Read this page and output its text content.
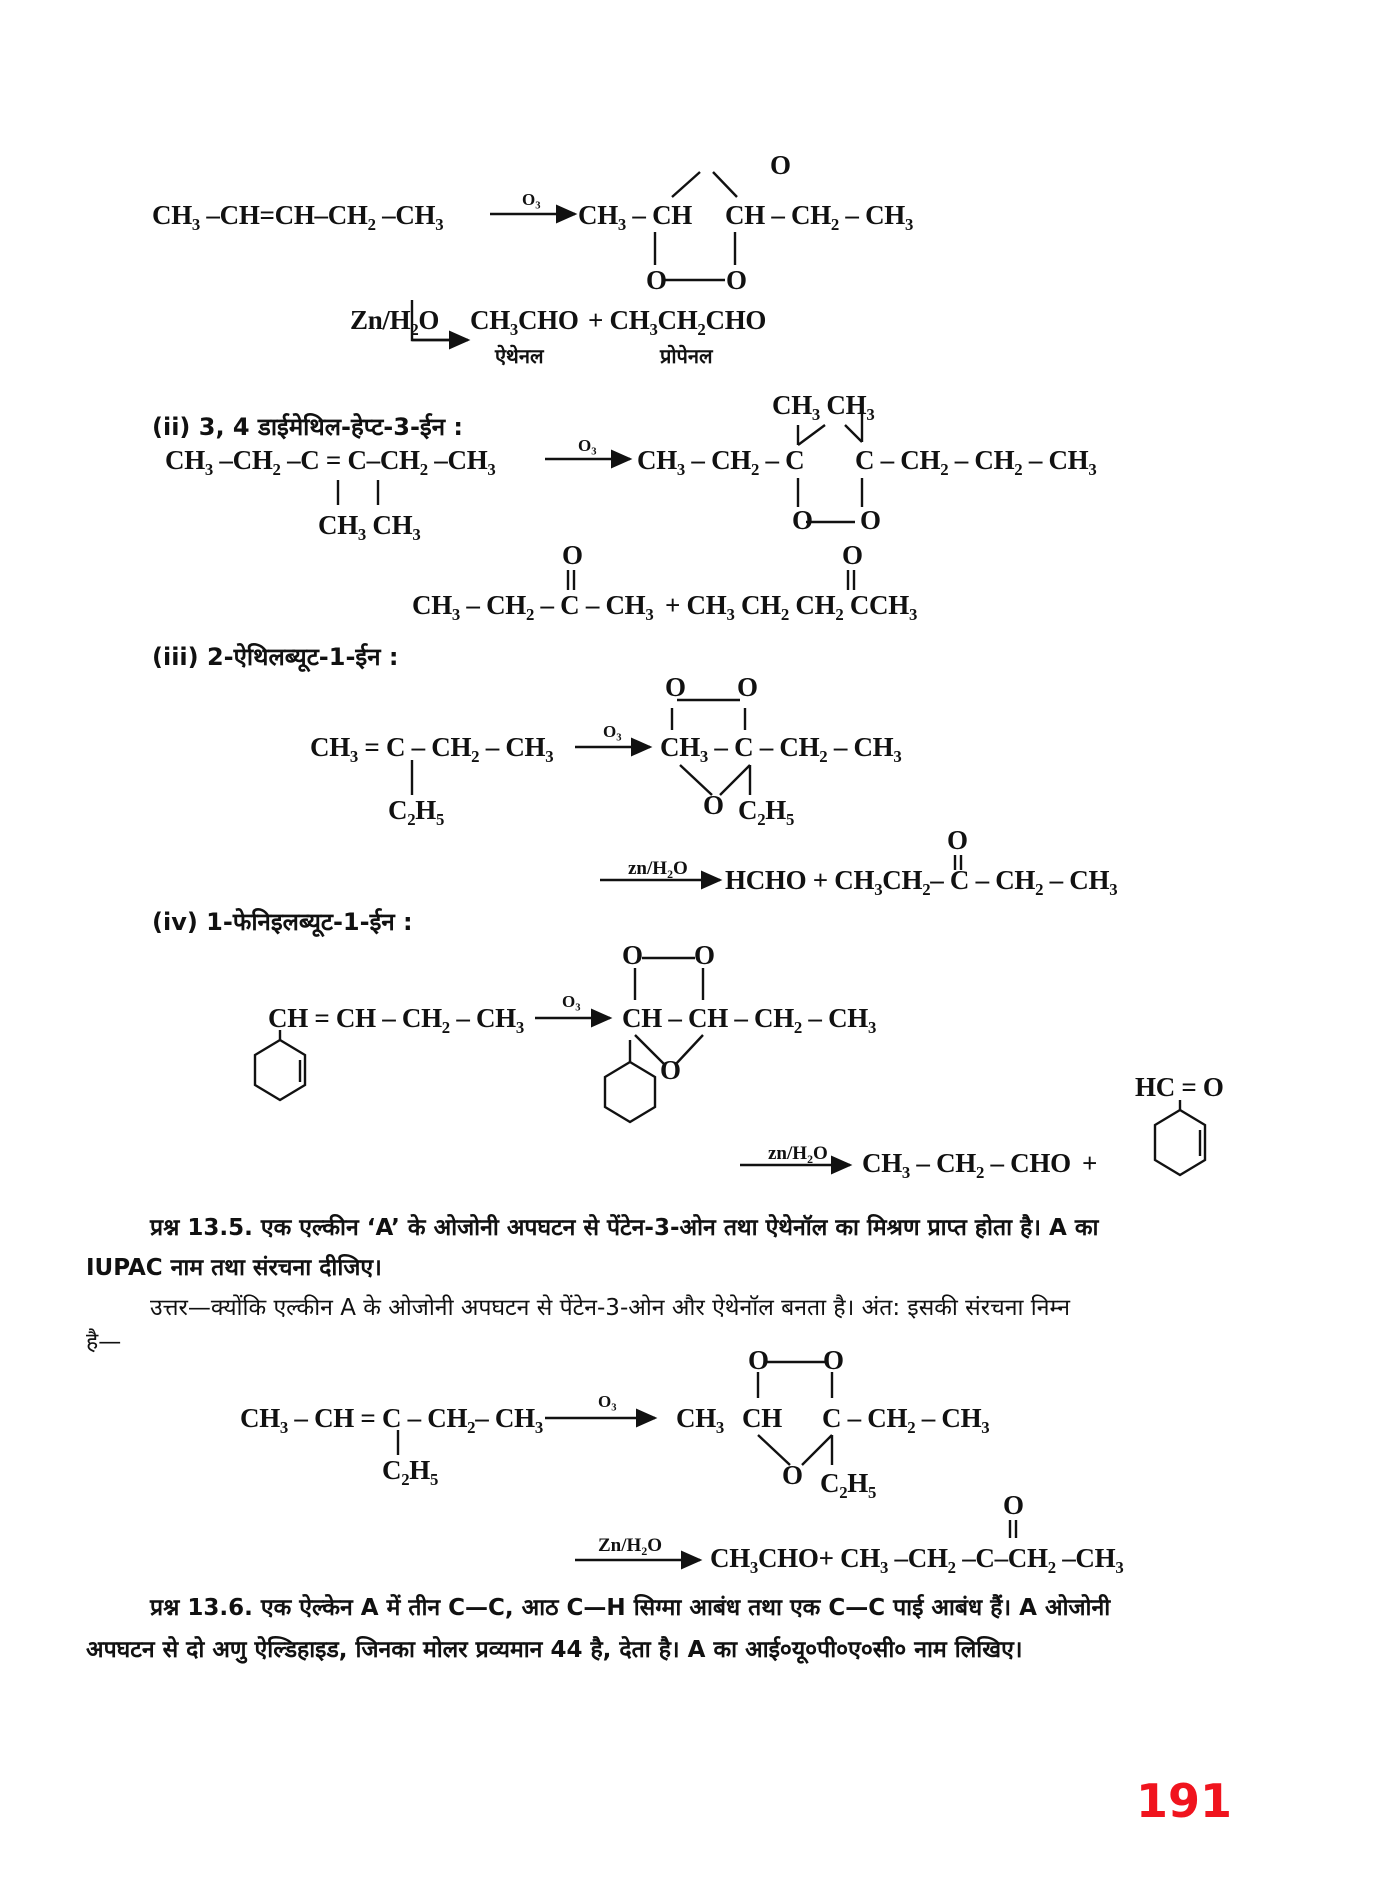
O
$CH_3$ $-CH=CH-CH_2$ $-CH_3$
$O_3$ $CH_3$ – CH CH – $CH_2 - CH_3$
O O
$Zn/H_2O$ $CH_3CHO + CH_3CH_2CHO$
ऐथेनल	प्रोपेनल
(ii) 3, 4 डाईमेथिल-हेप्ट-3-ईन :
$CH_3$ $CH_3$
$CH_3$ $-CH_2$ $-C = C-CH_2$ $-CH_3$
$O_3$ $CH_3 - CH_2$ – C C – $CH_2 - CH_2 - CH_3$
$CH_3$ $CH_3$	O O
O	O
$CH_3 - CH_2 - C - CH_3 + CH_3$ $CH_2$ $CH_2$ $CCH_3$
(iii) 2-ऐथिलब्यूट-1-ईन :
O O
$CH_3 = C - CH_2 - CH_3$
$O_3$ $CH_3$ – C – $CH_2 - CH_3$
$C_2H_5$	O $C_2H_5$
O
$zn/H_2O$ HCHO + $CH_3CH_2-$ C – $CH_2 - CH_3$
(iv) 1-फेनिइलब्यूट-1-ईन :
O O
CH = CH – $CH_2 - CH_3$
$O_3$ CH – CH – $CH_2 - CH_3$
O
HC = O
$zn/H_2O$ $CH_3 - CH_2$ – CHO +
प्रश्न 13.5. एक एल्कीन ‘A’ के ओजोनी अपघटन से पेंटेन-3-ओन तथा ऐथेनॉल का मिश्रण प्राप्त होता है। A का
IUPAC नाम तथा संरचना दीजिए।
उत्तर—क्योंकि एल्कीन A के ओजोनी अपघटन से पेंटेन-3-ओन और ऐथेनॉल बनता है। अंत: इसकी संरचना निम्न
है—
O O
$CH_3$ – CH = C – $CH_2-$ $CH_3$
$O_3$ $CH_3$ CH C – $CH_2 - CH_3$
$C_2H_5$	O $C_2H_5$	O
$Zn/H_2O$ $CH_3CHO+ CH_3$ $-CH_2$ $-C-CH_2$ $-CH_3$
प्रश्न 13.6. एक ऐल्केन A में तीन C—C, आठ C—H सिग्मा आबंध तथा एक C—C पाई आबंध हैं। A ओजोनी
अपघटन से दो अणु ऐल्डिहाइड, जिनका मोलर प्रव्यमान 44 है, देता है। A का आई०यू०पी०ए०सी० नाम लिखिए।
191
